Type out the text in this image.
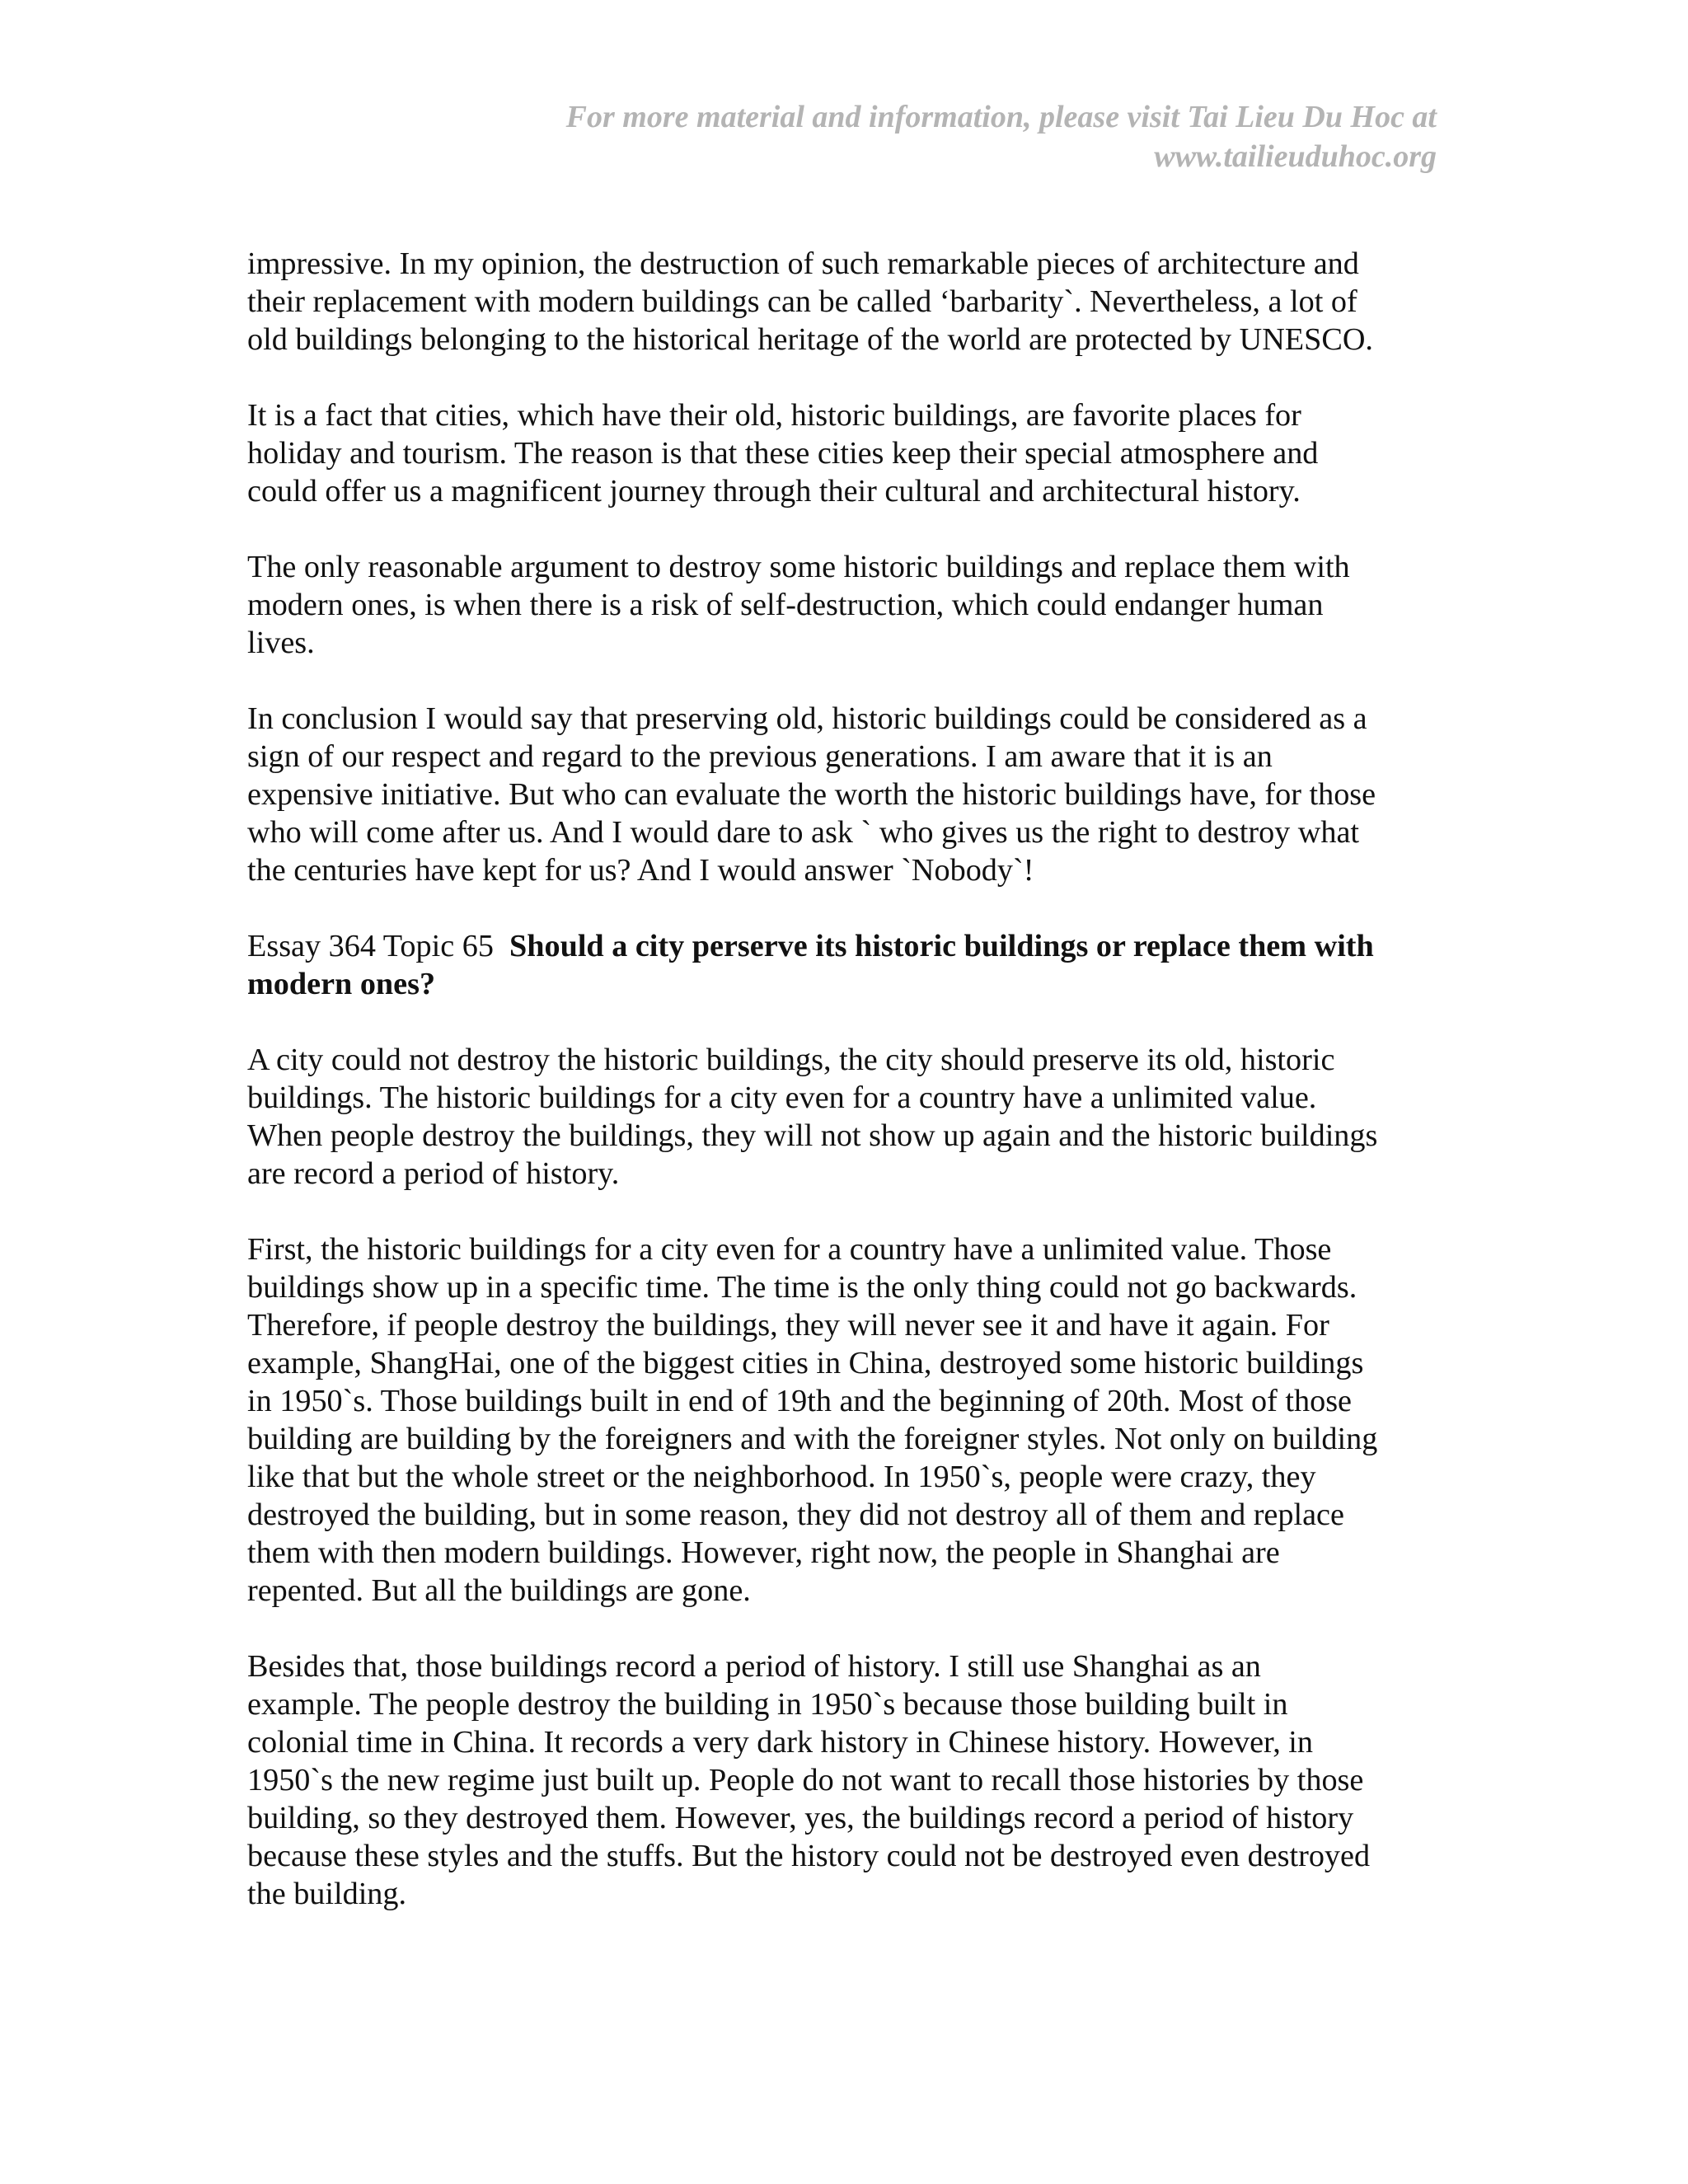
For more material and information, please visit Tai Lieu Du Hoc at
www.tailieuduhoc.org

impressive. In my opinion, the destruction of such remarkable pieces of architecture and
their replacement with modern buildings can be called ‘barbarity`. Nevertheless, a lot of
old buildings belonging to the historical heritage of the world are protected by UNESCO.

It is a fact that cities, which have their old, historic buildings, are favorite places for
holiday and tourism. The reason is that these cities keep their special atmosphere and
could offer us a magnificent journey through their cultural and architectural history.

The only reasonable argument to destroy some historic buildings and replace them with
modern ones, is when there is a risk of self-destruction, which could endanger human
lives.

In conclusion I would say that preserving old, historic buildings could be considered as a
sign of our respect and regard to the previous generations. I am aware that it is an
expensive initiative. But who can evaluate the worth the historic buildings have, for those
who will come after us. And I would dare to ask ` who gives us the right to destroy what
the centuries have kept for us? And I would answer `Nobody`!

Essay 364 Topic 65  Should a city perserve its historic buildings or replace them with
modern ones?

A city could not destroy the historic buildings, the city should preserve its old, historic
buildings. The historic buildings for a city even for a country have a unlimited value.
When people destroy the buildings, they will not show up again and the historic buildings
are record a period of history.

First, the historic buildings for a city even for a country have a unlimited value. Those
buildings show up in a specific time. The time is the only thing could not go backwards.
Therefore, if people destroy the buildings, they will never see it and have it again. For
example, ShangHai, one of the biggest cities in China, destroyed some historic buildings
in 1950`s. Those buildings built in end of 19th and the beginning of 20th. Most of those
building are building by the foreigners and with the foreigner styles. Not only on building
like that but the whole street or the neighborhood. In 1950`s, people were crazy, they
destroyed the building, but in some reason, they did not destroy all of them and replace
them with then modern buildings. However, right now, the people in Shanghai are
repented. But all the buildings are gone.

Besides that, those buildings record a period of history. I still use Shanghai as an
example. The people destroy the building in 1950`s because those building built in
colonial time in China. It records a very dark history in Chinese history. However, in
1950`s the new regime just built up. People do not want to recall those histories by those
building, so they destroyed them. However, yes, the buildings record a period of history
because these styles and the stuffs. But the history could not be destroyed even destroyed
the building.
